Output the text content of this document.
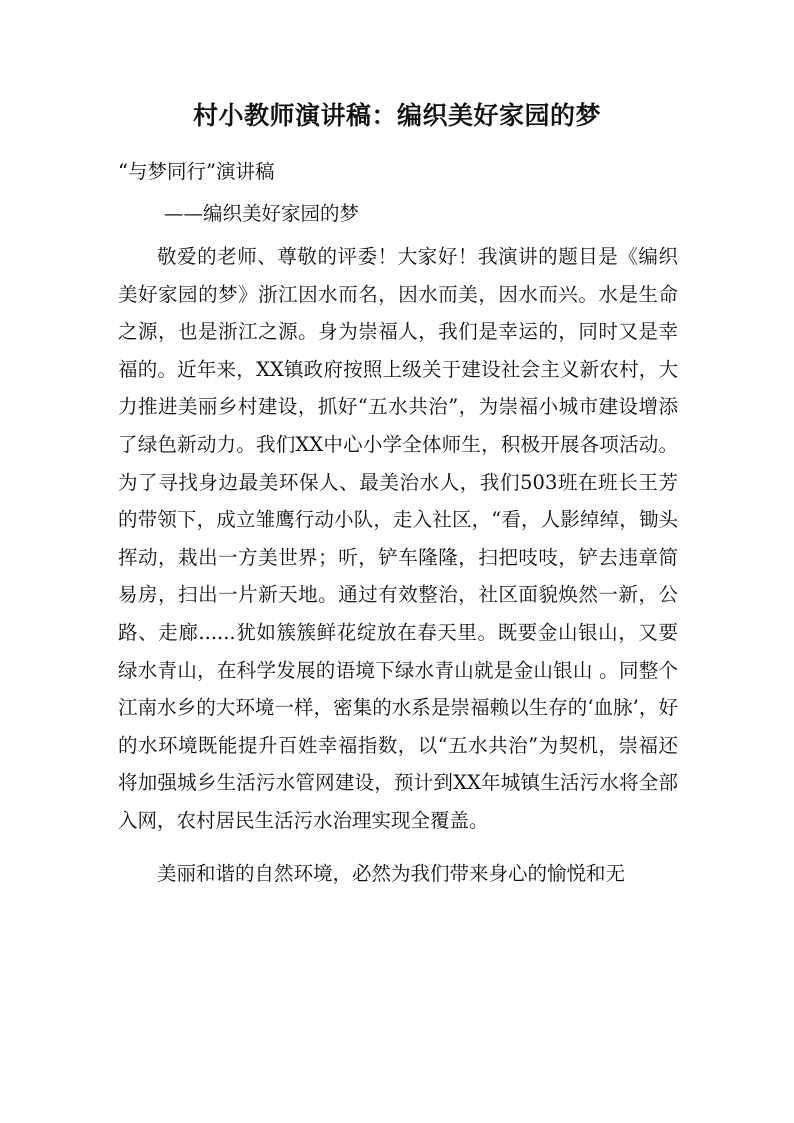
村小教师演讲稿：编织美好家园的梦
“与梦同行”演讲稿
——编织美好家园的梦

敬爱的老师、尊敬的评委！大家好！我演讲的题目是《编织美好家园的梦》浙江因水而名，因水而美，因水而兴。水是生命之源，也是浙江之源。身为崇福人，我们是幸运的，同时又是幸福的。近年来，XX镇政府按照上级关于建设社会主义新农村，大力推进美丽乡村建设，抓好“五水共治”，为崇福小城市建设增添了绿色新动力。我们XX中心小学全体师生，积极开展各项活动。为了寻找身边最美环保人、最美治水人，我们503班在班长王芳的带领下，成立雏鹰行动小队，走入社区，“看，人影绰绰，锄头挥动，栽出一方美世界；听，铲车隆隆，扫把吱吱，铲去违章简易房，扫出一片新天地。通过有效整治，社区面貌焕然一新，公路、走廊......犹如簇簇鲜花绽放在春天里。既要金山银山，又要绿水青山，在科学发展的语境下绿水青山就是金山银山 。同整个江南水乡的大环境一样，密集的水系是崇福赖以生存的‘血脉’，好的水环境既能提升百姓幸福指数，以“五水共治”为契机，崇福还将加强城乡生活污水管网建设，预计到XX年城镇生活污水将全部入网，农村居民生活污水治理实现全覆盖。

美丽和谐的自然环境，必然为我们带来身心的愉悦和无
